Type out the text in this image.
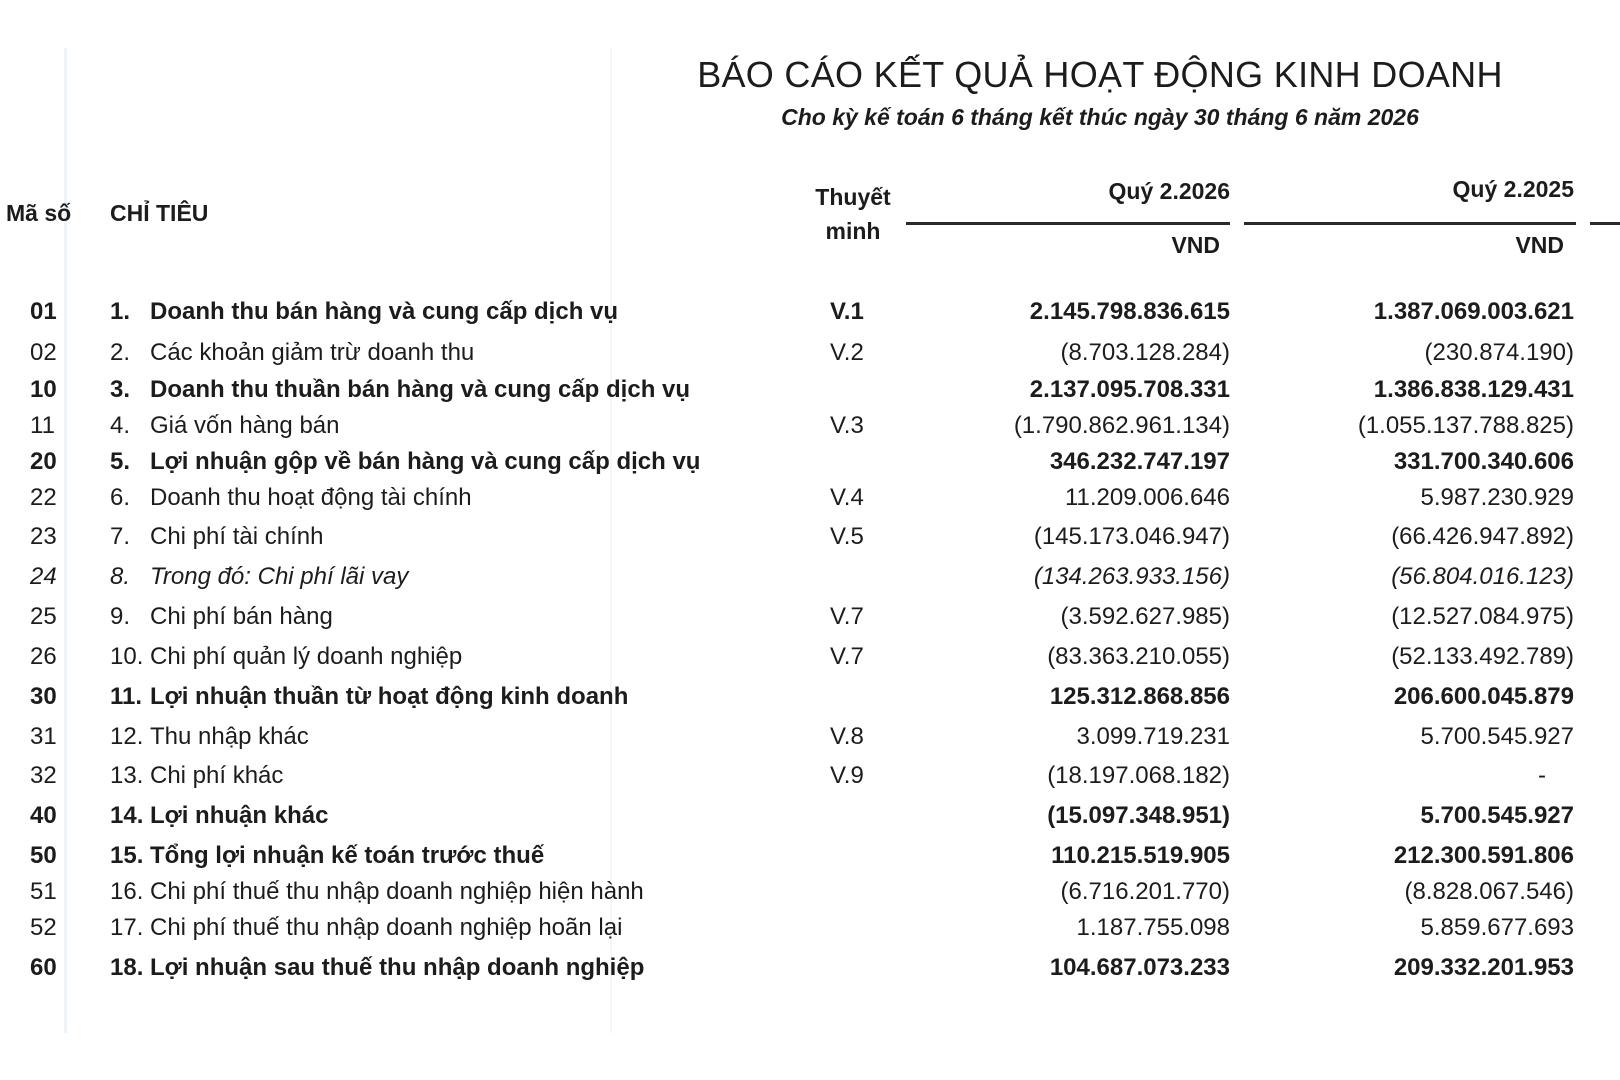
BÁO CÁO KẾT QUẢ HOẠT ĐỘNG KINH DOANH
Cho kỳ kế toán 6 tháng kết thúc ngày 30 tháng 6 năm 2026
Mã số CHỈ TIÊU
Thuyết minh
Quý 2.2026	Quý 2.2025
VND	VND
01 1. Doanh thu bán hàng và cung cấp dịch vụ	V.1	2.145.798.836.615	1.387.069.003.621
02 2. Các khoản giảm trừ doanh thu	V.2	(8.703.128.284)	(230.874.190)
10 3. Doanh thu thuần bán hàng và cung cấp dịch vụ	2.137.095.708.331	1.386.838.129.431
11 4. Giá vốn hàng bán	V.3	(1.790.862.961.134)	(1.055.137.788.825)
20 5. Lợi nhuận gộp về bán hàng và cung cấp dịch vụ	346.232.747.197	331.700.340.606
22 6. Doanh thu hoạt động tài chính	V.4	11.209.006.646	5.987.230.929
23 7. Chi phí tài chính	V.5	(145.173.046.947)	(66.426.947.892)
24 8. Trong đó: Chi phí lãi vay	(134.263.933.156)	(56.804.016.123)
25 9. Chi phí bán hàng	V.7	(3.592.627.985)	(12.527.084.975)
26 10. Chi phí quản lý doanh nghiệp	V.7	(83.363.210.055)	(52.133.492.789)
30 11. Lợi nhuận thuần từ hoạt động kinh doanh	125.312.868.856	206.600.045.879
31 12. Thu nhập khác	V.8	3.099.719.231	5.700.545.927
32 13. Chi phí khác	V.9	(18.197.068.182)	-
40 14. Lợi nhuận khác	(15.097.348.951)	5.700.545.927
50 15. Tổng lợi nhuận kế toán trước thuế	110.215.519.905	212.300.591.806
51 16. Chi phí thuế thu nhập doanh nghiệp hiện hành	(6.716.201.770)	(8.828.067.546)
52 17. Chi phí thuế thu nhập doanh nghiệp hoãn lại	1.187.755.098	5.859.677.693
60 18. Lợi nhuận sau thuế thu nhập doanh nghiệp	104.687.073.233	209.332.201.953
